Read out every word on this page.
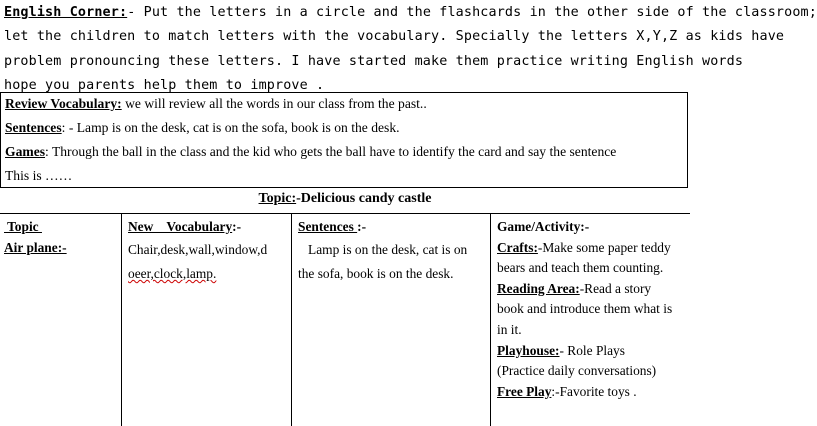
English Corner:- Put the letters in a circle and the flashcards in the other side of the classroom;
let the children to match letters with the vocabulary. Specially the letters X,Y,Z as kids have
problem pronouncing these letters. I have started make them practice writing English words
hope you parents help them to improve .
Review Vocabulary: we will review all the words in our class from the past..
Sentences: - Lamp is on the desk, cat is on the sofa, book is on the desk.
Games: Through the ball in the class and the kid who gets the ball have to identify the card and say the sentence
This is ……
Topic:-Delicious candy castle
Topic
Air plane:-
New    Vocabulary:-
Chair,desk,wall,window,d
oeer,clock,lamp.
Sentences :-
Lamp is on the desk, cat is on
the sofa, book is on the desk.
Game/Activity:-
Crafts:-Make some paper teddy
bears and teach them counting.
Reading Area:-Read a story
book and introduce them what is
in it.
Playhouse:- Role Plays
(Practice daily conversations)
Free Play:-Favorite toys .
